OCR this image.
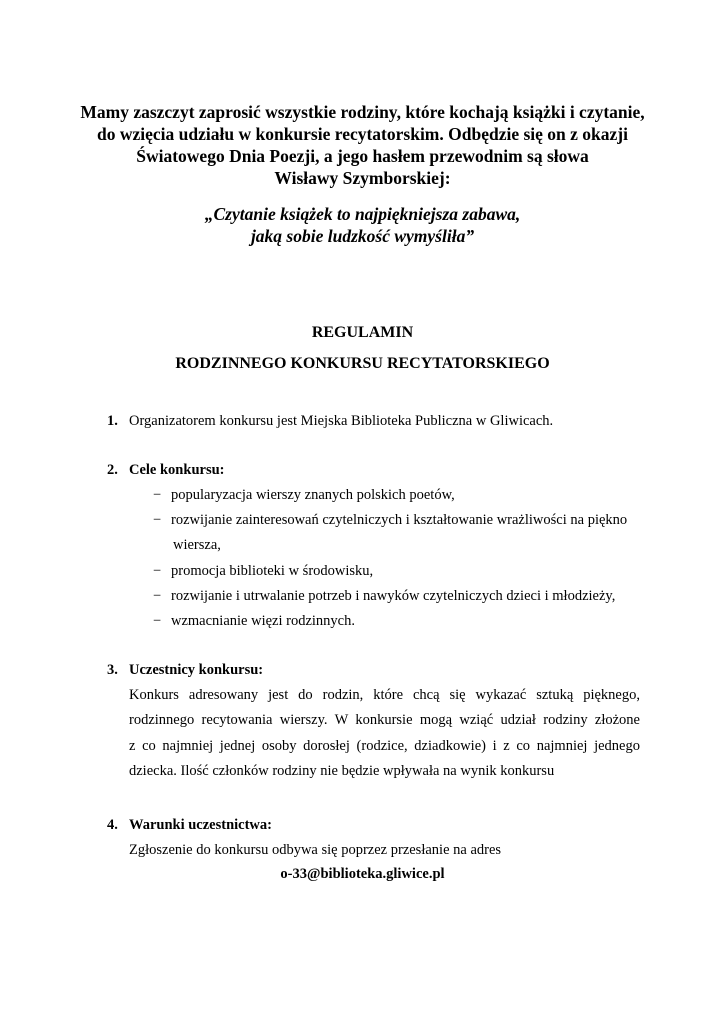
Mamy zaszczyt zaprosić wszystkie rodziny, które kochają książki i czytanie,
do wzięcia udziału w konkursie recytatorskim. Odbędzie się on z okazji
Światowego Dnia Poezji, a jego hasłem przewodnim są słowa
Wisławy Szymborskiej:
„Czytanie książek to najpiękniejsza zabawa,
jaką sobie ludzkość wymyśliła”
REGULAMIN
RODZINNEGO KONKURSU RECYTATORSKIEGO
1. Organizatorem konkursu jest Miejska Biblioteka Publiczna w Gliwicach.
2. Cele konkursu:
− popularyzacja wierszy znanych polskich poetów,
− rozwijanie zainteresowań czytelniczych i kształtowanie wrażliwości na piękno
wiersza,
− promocja biblioteki w środowisku,
− rozwijanie i utrwalanie potrzeb i nawyków czytelniczych dzieci i młodzieży,
− wzmacnianie więzi rodzinnych.
3. Uczestnicy konkursu:
Konkurs adresowany jest do rodzin, które chcą się wykazać sztuką pięknego,
rodzinnego recytowania wierszy. W konkursie mogą wziąć udział rodziny złożone
z co najmniej jednej osoby dorosłej (rodzice, dziadkowie) i z co najmniej jednego
dziecka. Ilość członków rodziny nie będzie wpływała na wynik konkursu
4. Warunki uczestnictwa:
Zgłoszenie do konkursu odbywa się poprzez przesłanie na adres
o-33@biblioteka.gliwice.pl
